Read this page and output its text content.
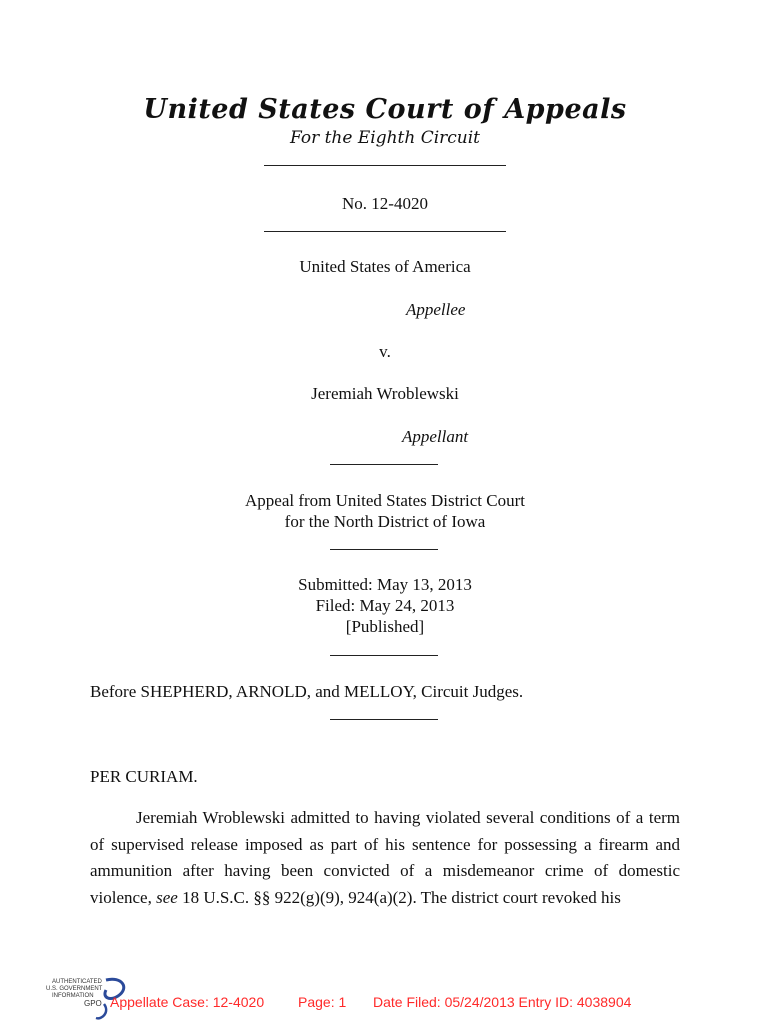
United States Court of Appeals
For the Eighth Circuit
No. 12-4020
United States of America
Appellee
v.
Jeremiah Wroblewski
Appellant
Appeal from United States District Court
for the North District of Iowa
Submitted: May 13, 2013
Filed: May 24, 2013
[Published]
Before SHEPHERD, ARNOLD, and MELLOY, Circuit Judges.
PER CURIAM.
Jeremiah Wroblewski admitted to having violated several conditions of a term of supervised release imposed as part of his sentence for possessing a firearm and ammunition after having been convicted of a misdemeanor crime of domestic violence, see 18 U.S.C. §§ 922(g)(9), 924(a)(2). The district court revoked his
AUTHENTICATED
U.S. GOVERNMENT
INFORMATION
GPO Appellate Case: 12-4020 Page: 1 Date Filed: 05/24/2013 Entry ID: 4038904
